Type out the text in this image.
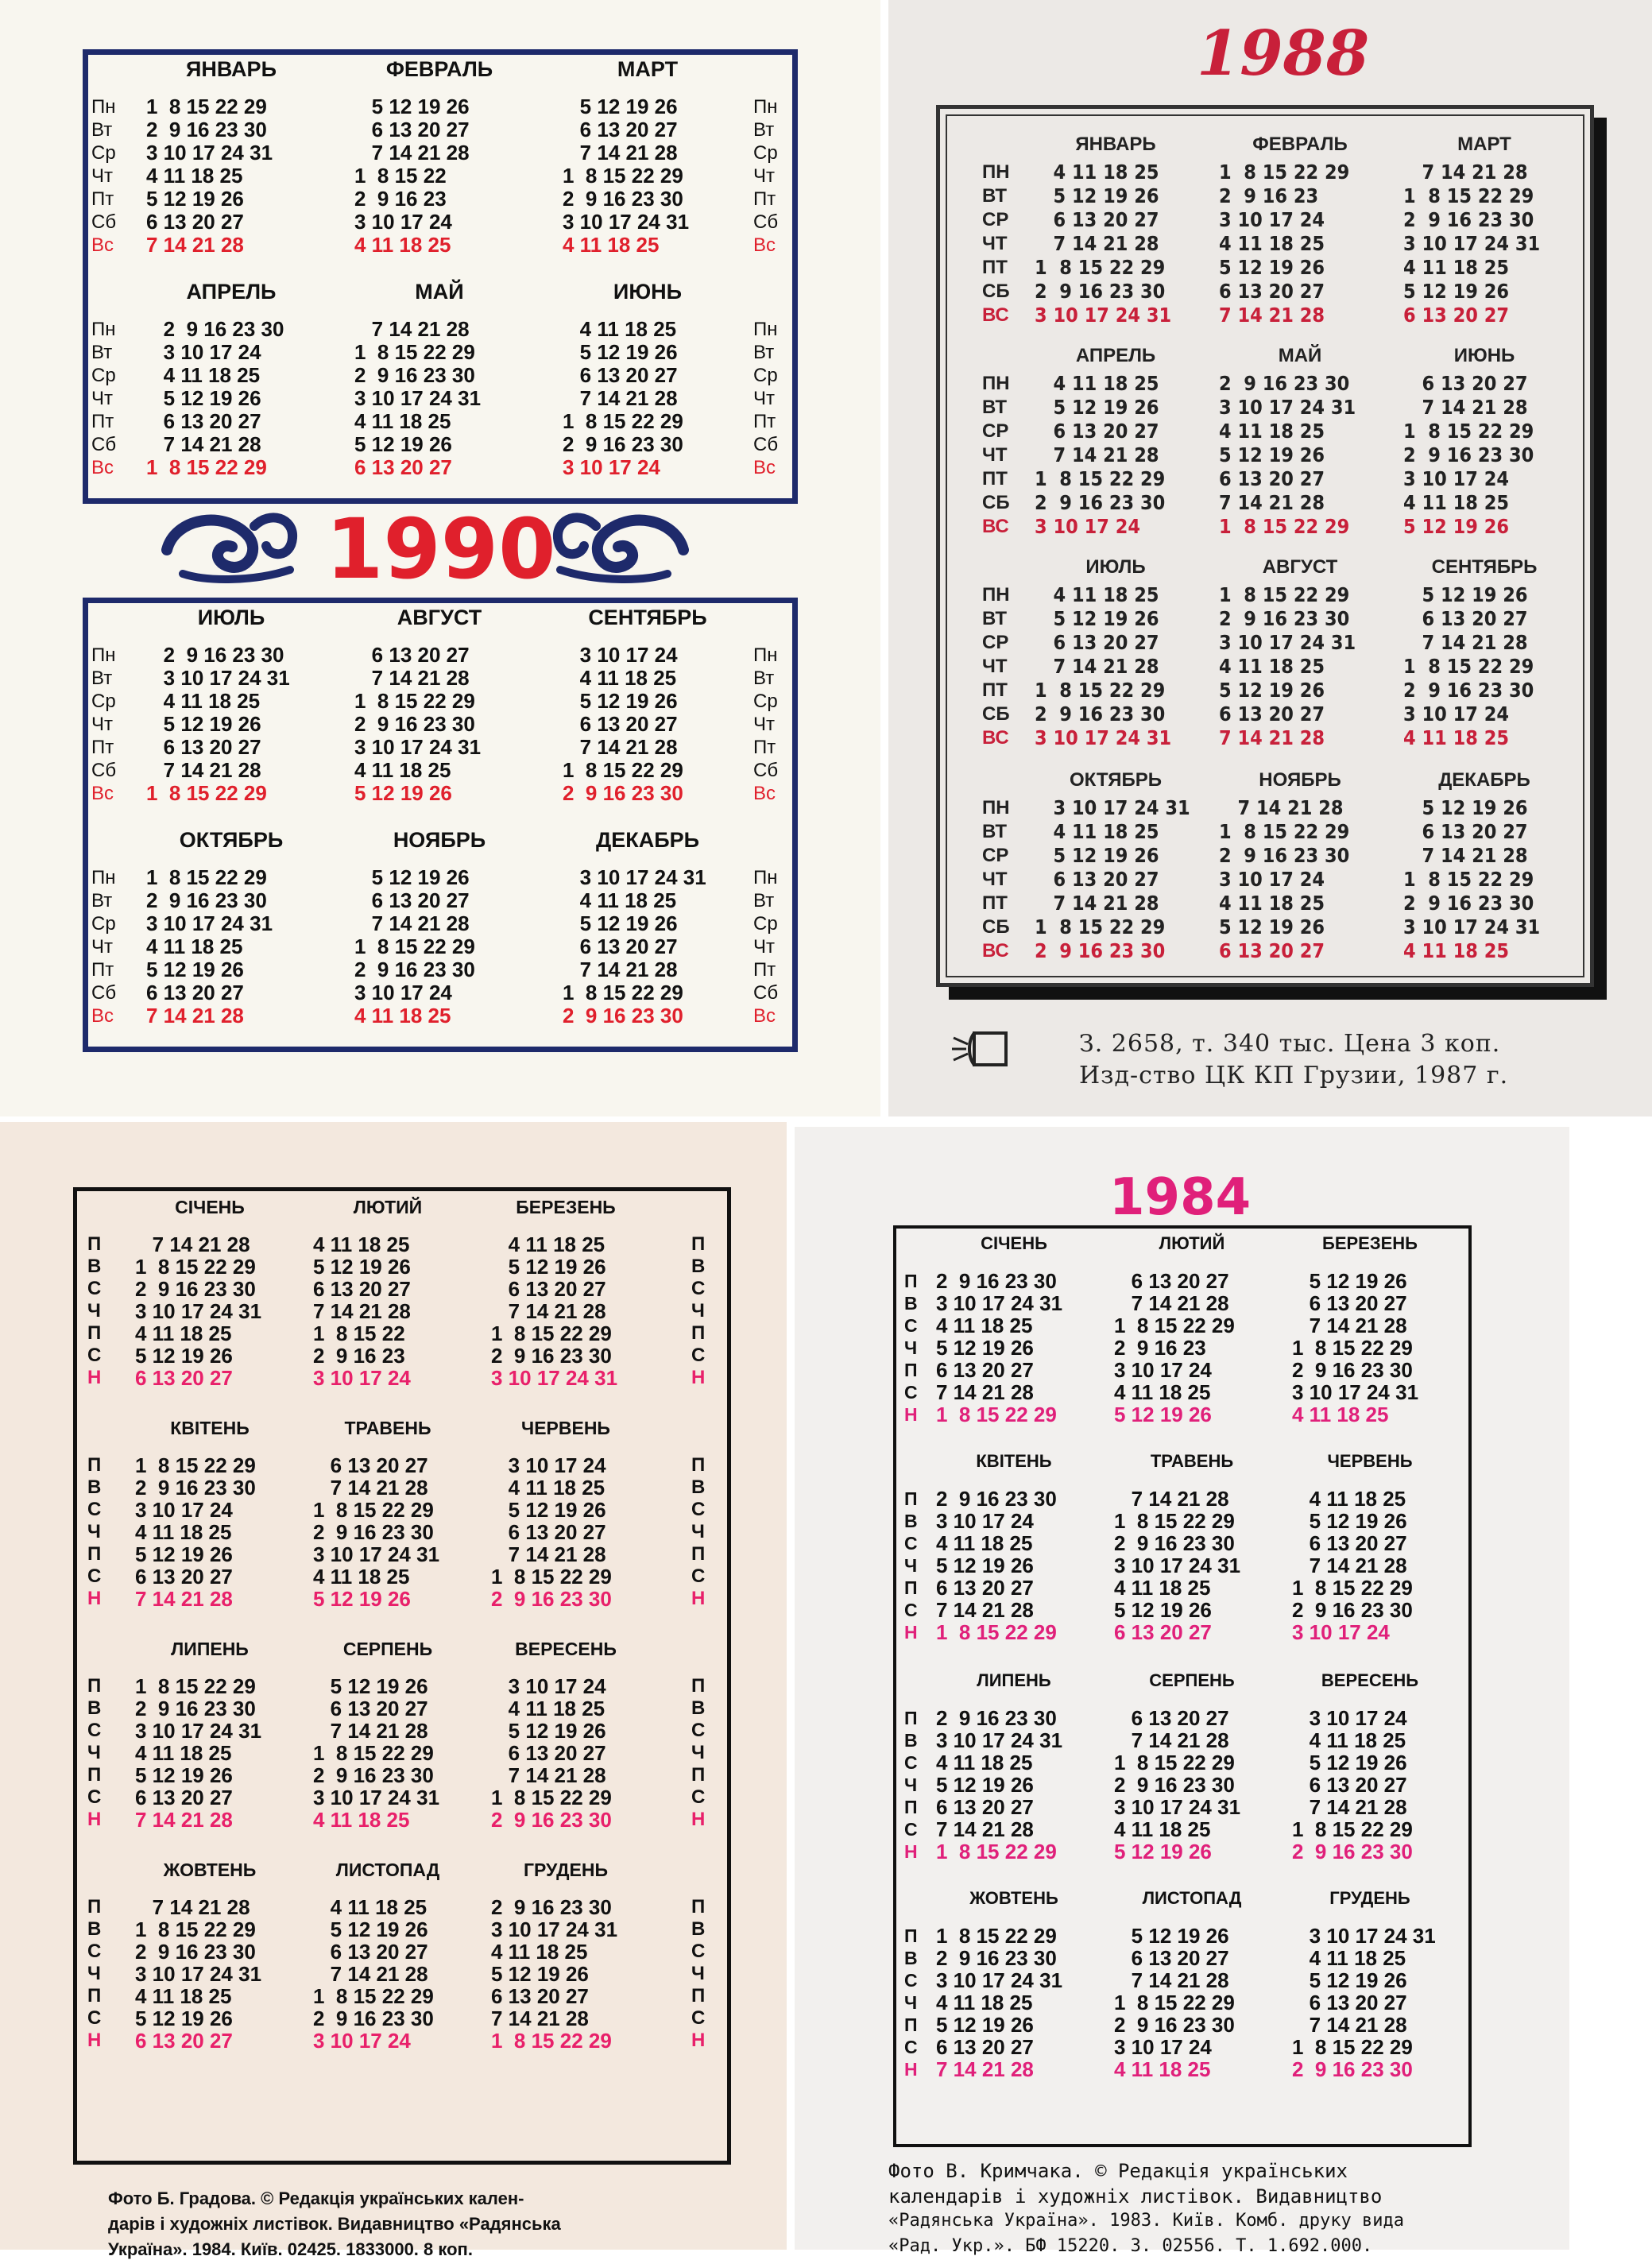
1990
ЯНВАРЬ
1  8 15 22 29
2  9 16 23 30
3 10 17 24 31
4 11 18 25
5 12 19 26
6 13 20 27
7 14 21 28
ФЕВРАЛЬ
5 12 19 26
6 13 20 27
7 14 21 28
1  8 15 22
2  9 16 23
3 10 17 24
4 11 18 25
МАРТ
5 12 19 26
6 13 20 27
7 14 21 28
1  8 15 22 29
2  9 16 23 30
3 10 17 24 31
4 11 18 25
АПРЕЛЬ
2  9 16 23 30
3 10 17 24
4 11 18 25
5 12 19 26
6 13 20 27
7 14 21 28
1  8 15 22 29
МАЙ
7 14 21 28
1  8 15 22 29
2  9 16 23 30
3 10 17 24 31
4 11 18 25
5 12 19 26
6 13 20 27
ИЮНЬ
4 11 18 25
5 12 19 26
6 13 20 27
7 14 21 28
1  8 15 22 29
2  9 16 23 30
3 10 17 24
ИЮЛЬ
2  9 16 23 30
3 10 17 24 31
4 11 18 25
5 12 19 26
6 13 20 27
7 14 21 28
1  8 15 22 29
АВГУСТ
6 13 20 27
7 14 21 28
1  8 15 22 29
2  9 16 23 30
3 10 17 24 31
4 11 18 25
5 12 19 26
СЕНТЯБРЬ
3 10 17 24
4 11 18 25
5 12 19 26
6 13 20 27
7 14 21 28
1  8 15 22 29
2  9 16 23 30
ОКТЯБРЬ
1  8 15 22 29
2  9 16 23 30
3 10 17 24 31
4 11 18 25
5 12 19 26
6 13 20 27
7 14 21 28
НОЯБРЬ
5 12 19 26
6 13 20 27
7 14 21 28
1  8 15 22 29
2  9 16 23 30
3 10 17 24
4 11 18 25
ДЕКАБРЬ
3 10 17 24 31
4 11 18 25
5 12 19 26
6 13 20 27
7 14 21 28
1  8 15 22 29
2  9 16 23 30
Пн
Вт
Ср
Чт
Пт
Сб
Вс
Пн
Вт
Ср
Чт
Пт
Сб
Вс
Пн
Вт
Ср
Чт
Пт
Сб
Вс
Пн
Вт
Ср
Чт
Пт
Сб
Вс
Пн
Вт
Ср
Чт
Пт
Сб
Вс
Пн
Вт
Ср
Чт
Пт
Сб
Вс
Пн
Вт
Ср
Чт
Пт
Сб
Вс
Пн
Вт
Ср
Чт
Пт
Сб
Вс
1988
З. 2658, т. 340 тыс. Цена 3 коп.
Изд-ство ЦК КП Грузии, 1987 г.
ЯНВАРЬ
4 11 18 25
5 12 19 26
6 13 20 27
7 14 21 28
1  8 15 22 29
2  9 16 23 30
3 10 17 24 31
ФЕВРАЛЬ
1  8 15 22 29
2  9 16 23
3 10 17 24
4 11 18 25
5 12 19 26
6 13 20 27
7 14 21 28
МАРТ
7 14 21 28
1  8 15 22 29
2  9 16 23 30
3 10 17 24 31
4 11 18 25
5 12 19 26
6 13 20 27
АПРЕЛЬ
4 11 18 25
5 12 19 26
6 13 20 27
7 14 21 28
1  8 15 22 29
2  9 16 23 30
3 10 17 24
МАЙ
2  9 16 23 30
3 10 17 24 31
4 11 18 25
5 12 19 26
6 13 20 27
7 14 21 28
1  8 15 22 29
ИЮНЬ
6 13 20 27
7 14 21 28
1  8 15 22 29
2  9 16 23 30
3 10 17 24
4 11 18 25
5 12 19 26
ИЮЛЬ
4 11 18 25
5 12 19 26
6 13 20 27
7 14 21 28
1  8 15 22 29
2  9 16 23 30
3 10 17 24 31
АВГУСТ
1  8 15 22 29
2  9 16 23 30
3 10 17 24 31
4 11 18 25
5 12 19 26
6 13 20 27
7 14 21 28
СЕНТЯБРЬ
5 12 19 26
6 13 20 27
7 14 21 28
1  8 15 22 29
2  9 16 23 30
3 10 17 24
4 11 18 25
ОКТЯБРЬ
3 10 17 24 31
4 11 18 25
5 12 19 26
6 13 20 27
7 14 21 28
1  8 15 22 29
2  9 16 23 30
НОЯБРЬ
7 14 21 28
1  8 15 22 29
2  9 16 23 30
3 10 17 24
4 11 18 25
5 12 19 26
6 13 20 27
ДЕКАБРЬ
5 12 19 26
6 13 20 27
7 14 21 28
1  8 15 22 29
2  9 16 23 30
3 10 17 24 31
4 11 18 25
ПН
ВТ
СР
ЧТ
ПТ
СБ
ВС
ПН
ВТ
СР
ЧТ
ПТ
СБ
ВС
ПН
ВТ
СР
ЧТ
ПТ
СБ
ВС
ПН
ВТ
СР
ЧТ
ПТ
СБ
ВС
Фото Б. Градова. © Редакція українських кален-
дарів і художніх листівок. Видавництво «Радянська
Україна». 1984. Київ. 02425. 1833000. 8 коп.
СІЧЕНЬ
7 14 21 28
1  8 15 22 29
2  9 16 23 30
3 10 17 24 31
4 11 18 25
5 12 19 26
6 13 20 27
ЛЮТИЙ
4 11 18 25
5 12 19 26
6 13 20 27
7 14 21 28
1  8 15 22
2  9 16 23
3 10 17 24
БЕРЕЗЕНЬ
4 11 18 25
5 12 19 26
6 13 20 27
7 14 21 28
1  8 15 22 29
2  9 16 23 30
3 10 17 24 31
КВІТЕНЬ
1  8 15 22 29
2  9 16 23 30
3 10 17 24
4 11 18 25
5 12 19 26
6 13 20 27
7 14 21 28
ТРАВЕНЬ
6 13 20 27
7 14 21 28
1  8 15 22 29
2  9 16 23 30
3 10 17 24 31
4 11 18 25
5 12 19 26
ЧЕРВЕНЬ
3 10 17 24
4 11 18 25
5 12 19 26
6 13 20 27
7 14 21 28
1  8 15 22 29
2  9 16 23 30
ЛИПЕНЬ
1  8 15 22 29
2  9 16 23 30
3 10 17 24 31
4 11 18 25
5 12 19 26
6 13 20 27
7 14 21 28
СЕРПЕНЬ
5 12 19 26
6 13 20 27
7 14 21 28
1  8 15 22 29
2  9 16 23 30
3 10 17 24 31
4 11 18 25
ВЕРЕСЕНЬ
3 10 17 24
4 11 18 25
5 12 19 26
6 13 20 27
7 14 21 28
1  8 15 22 29
2  9 16 23 30
ЖОВТЕНЬ
7 14 21 28
1  8 15 22 29
2  9 16 23 30
3 10 17 24 31
4 11 18 25
5 12 19 26
6 13 20 27
ЛИСТОПАД
4 11 18 25
5 12 19 26
6 13 20 27
7 14 21 28
1  8 15 22 29
2  9 16 23 30
3 10 17 24
ГРУДЕНЬ
2  9 16 23 30
3 10 17 24 31
4 11 18 25
5 12 19 26
6 13 20 27
7 14 21 28
1  8 15 22 29
П
В
С
Ч
П
С
Н
П
В
С
Ч
П
С
Н
П
В
С
Ч
П
С
Н
П
В
С
Ч
П
С
Н
П
В
С
Ч
П
С
Н
П
В
С
Ч
П
С
Н
П
В
С
Ч
П
С
Н
П
В
С
Ч
П
С
Н
1984
Фото В. Кримчака. © Редакція українських
календарів і художніх листівок. Видавництво
«Радянська Україна». 1983. Київ. Комб. друку вида
«Рад. Укр.». БФ 15220. З. 02556. Т. 1.692.000.
СІЧЕНЬ
2  9 16 23 30
3 10 17 24 31
4 11 18 25
5 12 19 26
6 13 20 27
7 14 21 28
1  8 15 22 29
ЛЮТИЙ
6 13 20 27
7 14 21 28
1  8 15 22 29
2  9 16 23
3 10 17 24
4 11 18 25
5 12 19 26
БЕРЕЗЕНЬ
5 12 19 26
6 13 20 27
7 14 21 28
1  8 15 22 29
2  9 16 23 30
3 10 17 24 31
4 11 18 25
КВІТЕНЬ
2  9 16 23 30
3 10 17 24
4 11 18 25
5 12 19 26
6 13 20 27
7 14 21 28
1  8 15 22 29
ТРАВЕНЬ
7 14 21 28
1  8 15 22 29
2  9 16 23 30
3 10 17 24 31
4 11 18 25
5 12 19 26
6 13 20 27
ЧЕРВЕНЬ
4 11 18 25
5 12 19 26
6 13 20 27
7 14 21 28
1  8 15 22 29
2  9 16 23 30
3 10 17 24
ЛИПЕНЬ
2  9 16 23 30
3 10 17 24 31
4 11 18 25
5 12 19 26
6 13 20 27
7 14 21 28
1  8 15 22 29
СЕРПЕНЬ
6 13 20 27
7 14 21 28
1  8 15 22 29
2  9 16 23 30
3 10 17 24 31
4 11 18 25
5 12 19 26
ВЕРЕСЕНЬ
3 10 17 24
4 11 18 25
5 12 19 26
6 13 20 27
7 14 21 28
1  8 15 22 29
2  9 16 23 30
ЖОВТЕНЬ
1  8 15 22 29
2  9 16 23 30
3 10 17 24 31
4 11 18 25
5 12 19 26
6 13 20 27
7 14 21 28
ЛИСТОПАД
5 12 19 26
6 13 20 27
7 14 21 28
1  8 15 22 29
2  9 16 23 30
3 10 17 24
4 11 18 25
ГРУДЕНЬ
3 10 17 24 31
4 11 18 25
5 12 19 26
6 13 20 27
7 14 21 28
1  8 15 22 29
2  9 16 23 30
П
В
С
Ч
П
С
Н
П
В
С
Ч
П
С
Н
П
В
С
Ч
П
С
Н
П
В
С
Ч
П
С
Н
